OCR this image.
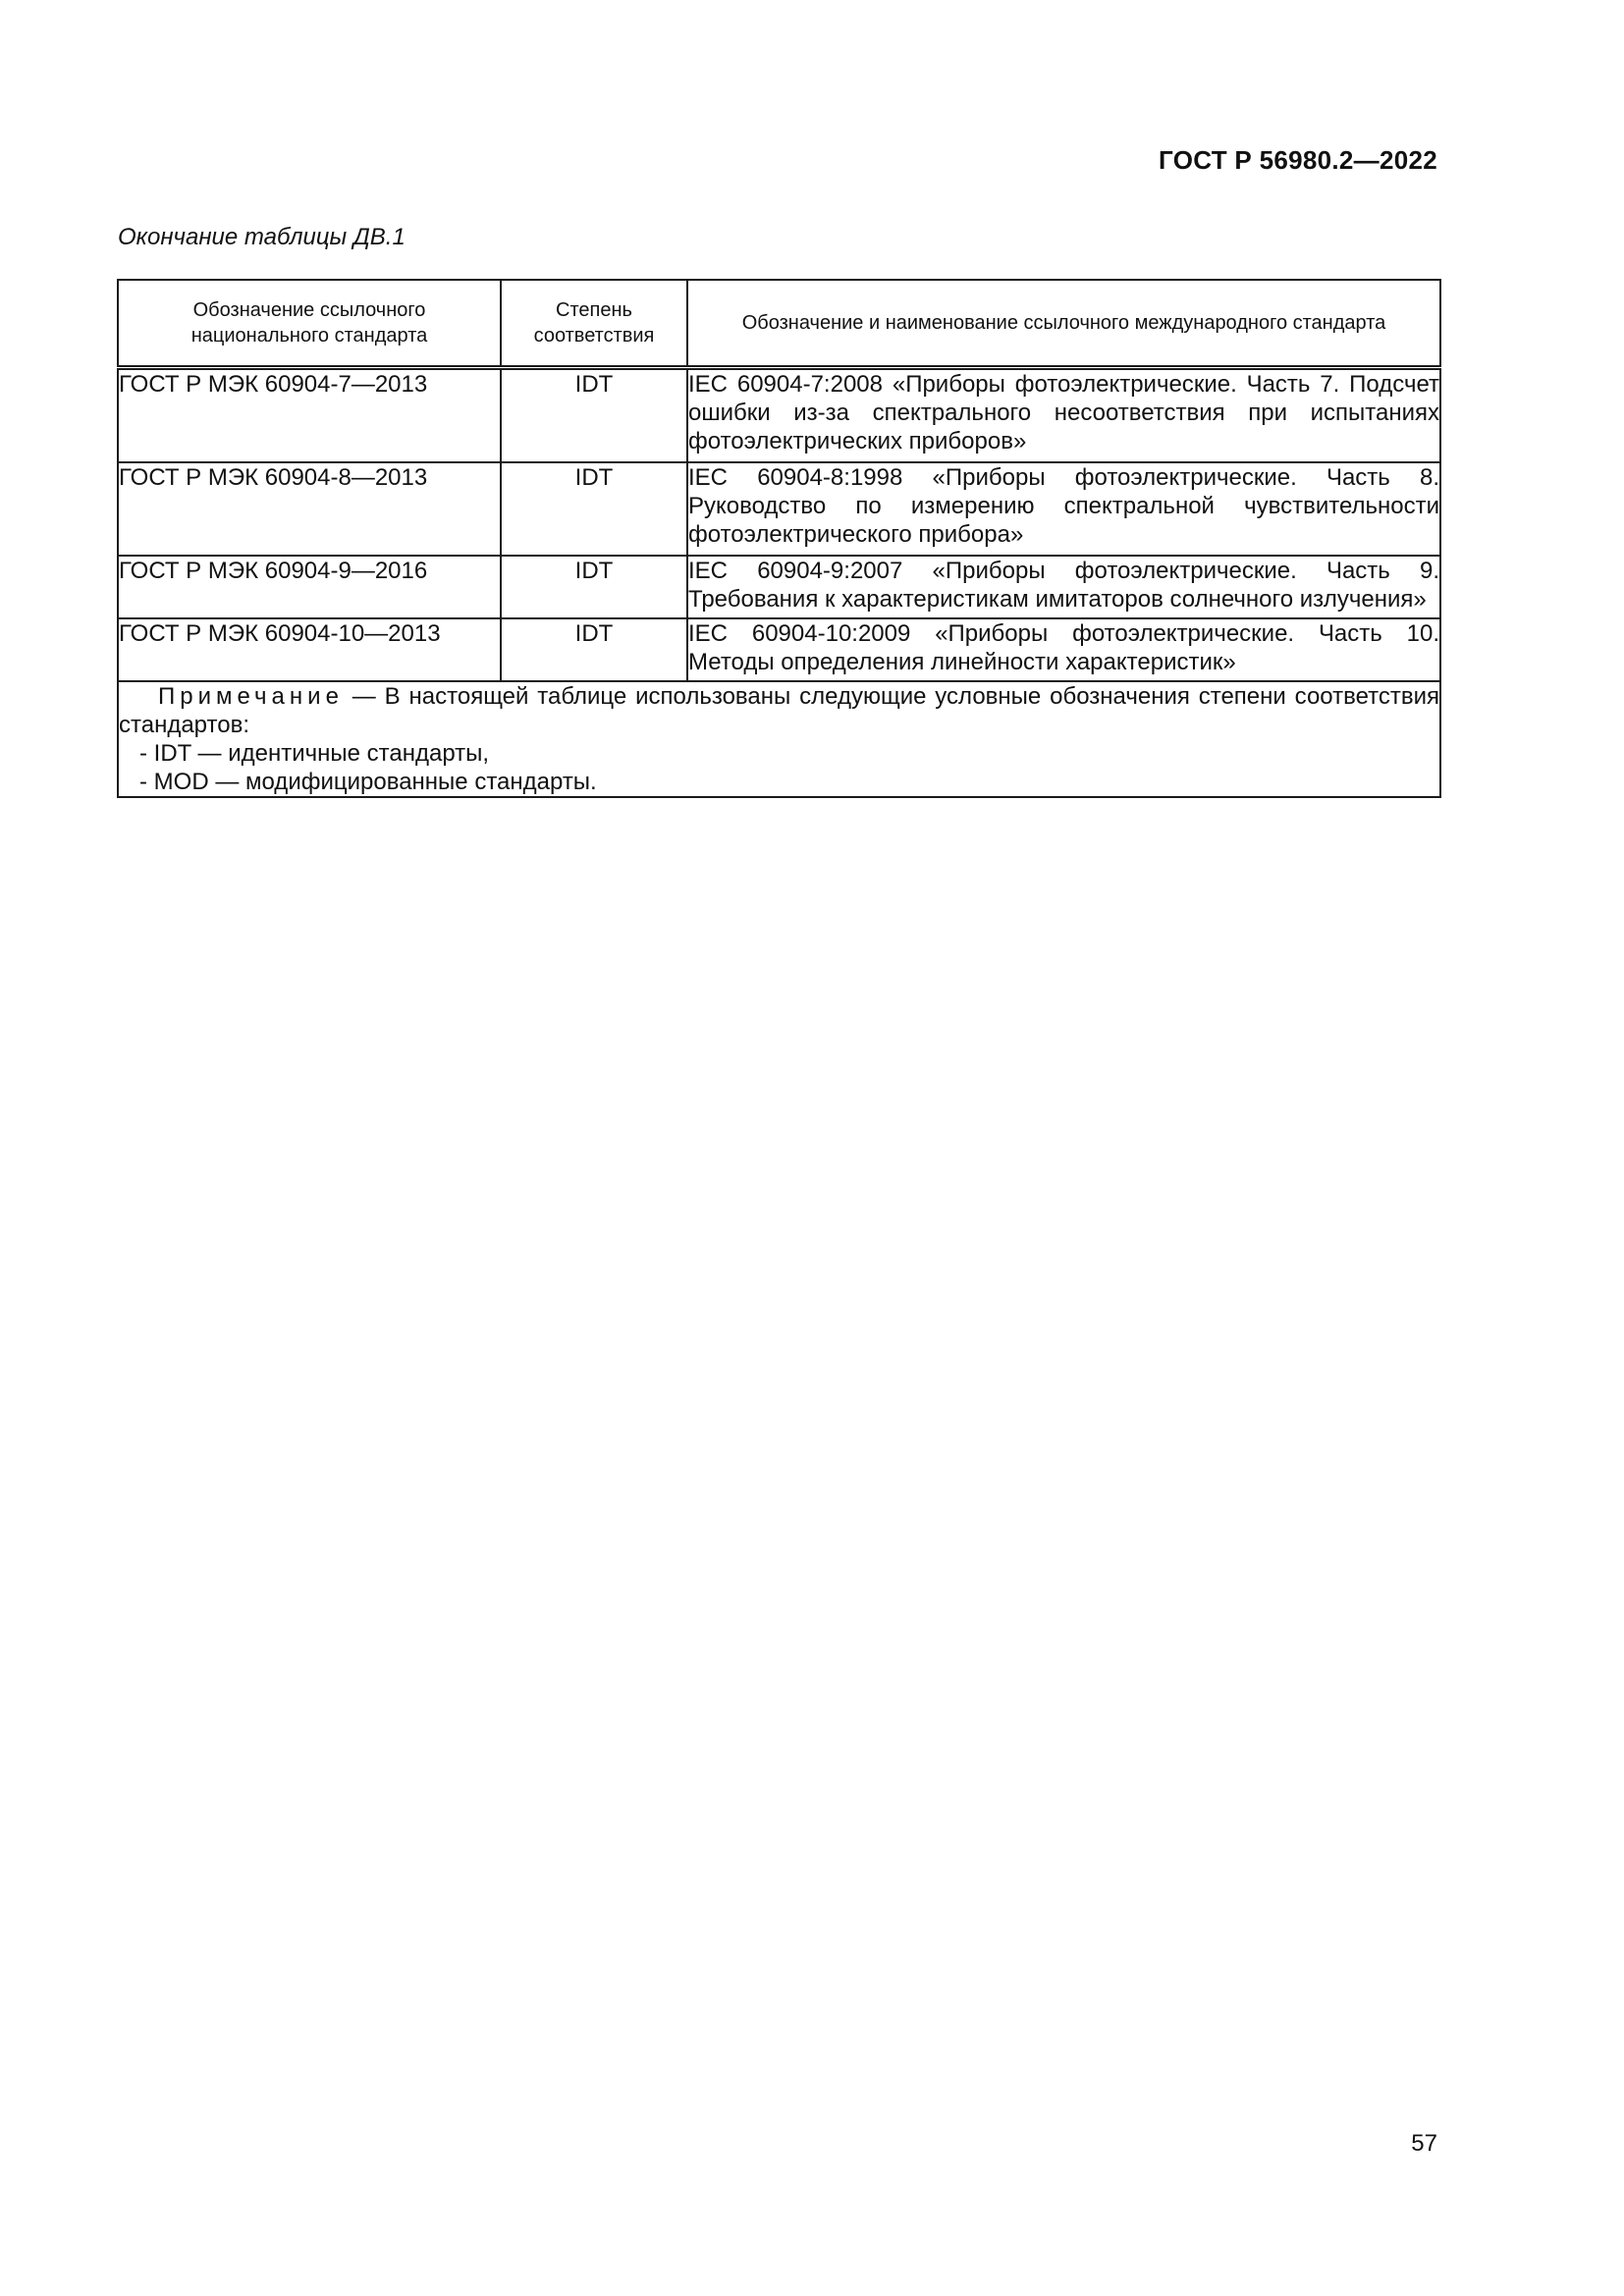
ГОСТ Р 56980.2—2022
Окончание таблицы ДВ.1
Обозначение ссылочного национального стандарта	Степень соответствия	Обозначение и наименование ссылочного международного стандарта
ГОСТ Р МЭК 60904-7—2013	IDT	IEC 60904-7:2008 «Приборы фотоэлектрические. Часть 7. Подсчет ошибки из-за спектрального несоответствия при испытаниях фотоэлектрических приборов»
ГОСТ Р МЭК 60904-8—2013	IDT	IEC 60904-8:1998 «Приборы фотоэлектрические. Часть 8. Руководство по измерению спектральной чувствительности фотоэлектрического прибора»
ГОСТ Р МЭК 60904-9—2016	IDT	IEC 60904-9:2007 «Приборы фотоэлектрические. Часть 9. Требования к характеристикам имитаторов солнечного излучения»
ГОСТ Р МЭК 60904-10—2013	IDT	IEC 60904-10:2009 «Приборы фотоэлектрические. Часть 10. Методы определения линейности характеристик»

Примечание — В настоящей таблице использованы следующие условные обозначения степени соответствия стандартов:
- IDT — идентичные стандарты,
- MOD — модифицированные стандарты.		
57
